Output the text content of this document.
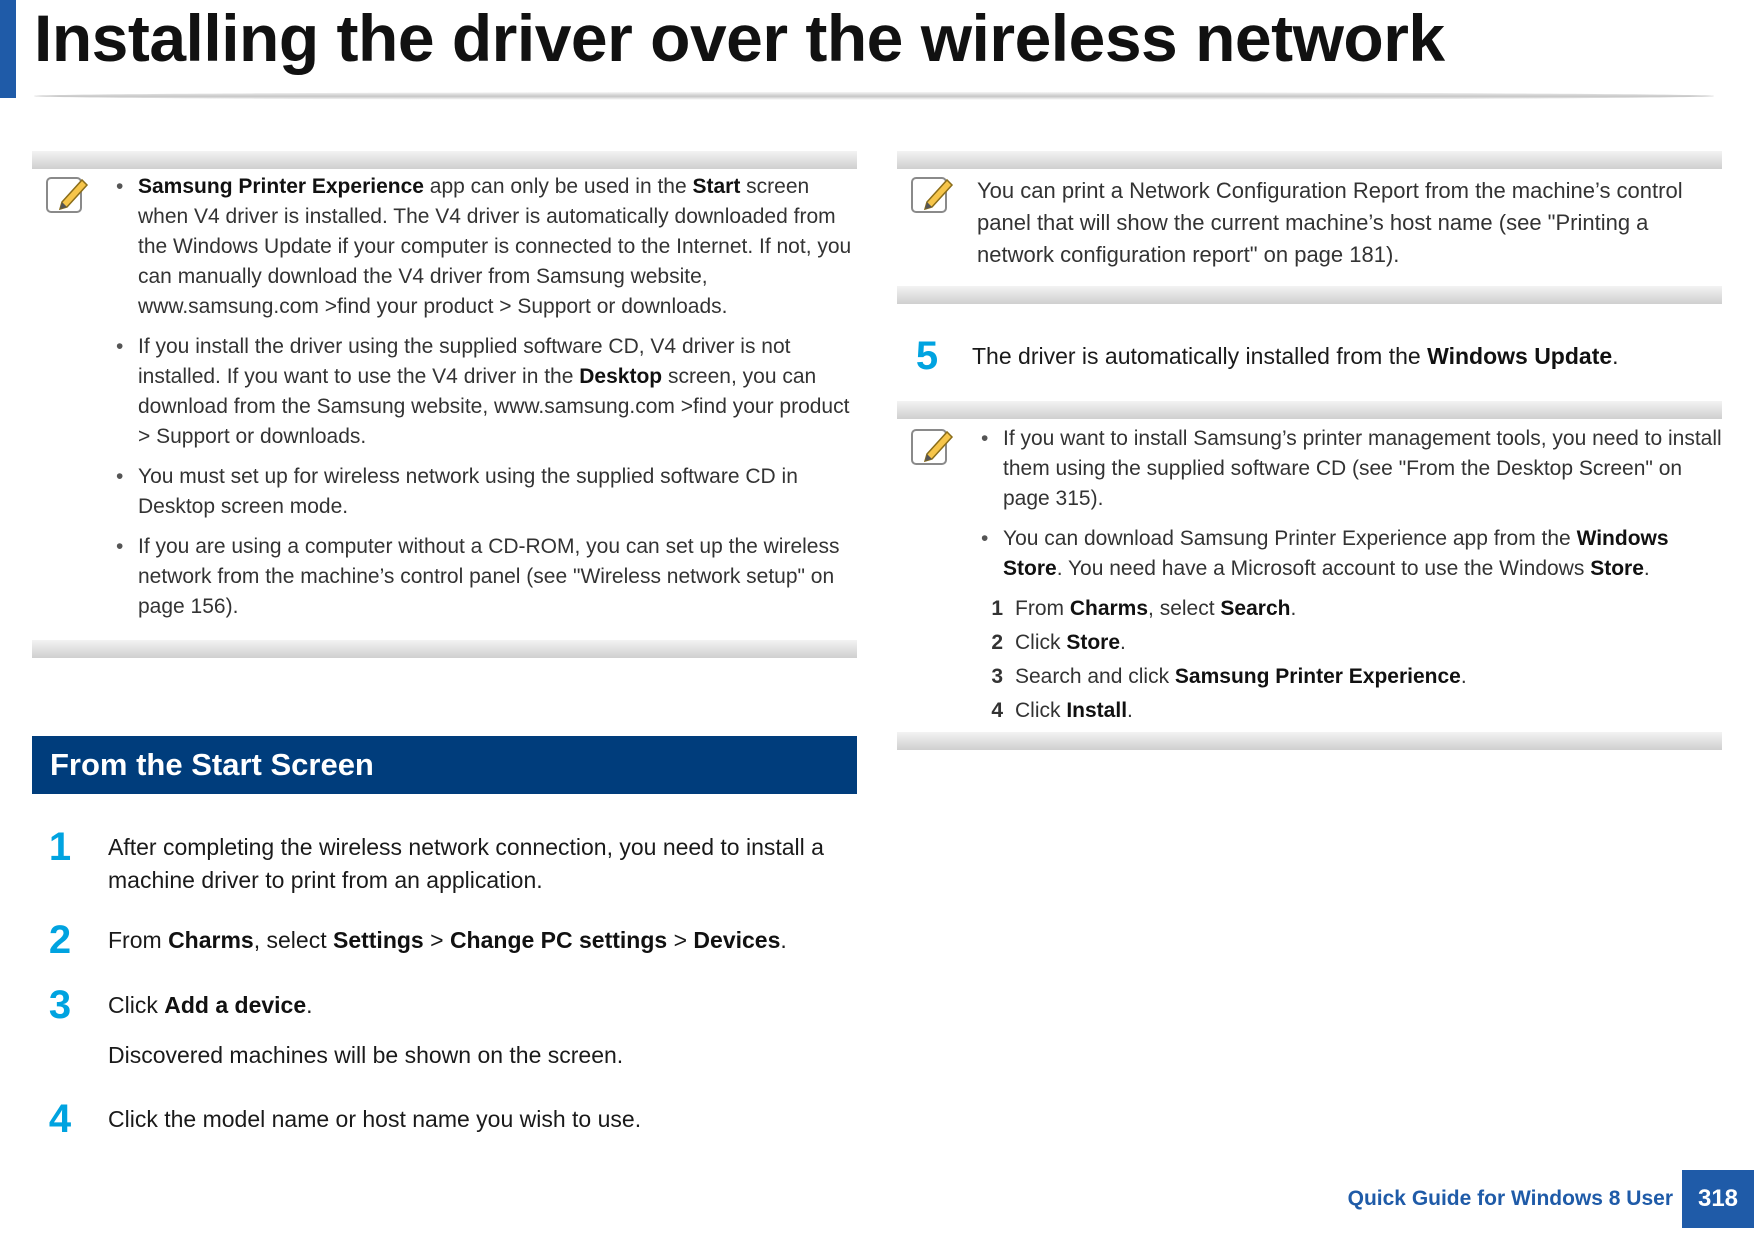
Installing the driver over the wireless network
• Samsung Printer Experience app can only be used in the Start screen when V4 driver is installed. The V4 driver is automatically downloaded from the Windows Update if your computer is connected to the Internet. If not, you can manually download the V4 driver from Samsung website, www.samsung.com >find your product > Support or downloads.
• If you install the driver using the supplied software CD, V4 driver is not installed. If you want to use the V4 driver in the Desktop screen, you can download from the Samsung website, www.samsung.com >find your product > Support or downloads.
• You must set up for wireless network using the supplied software CD in Desktop screen mode.
• If you are using a computer without a CD-ROM, you can set up the wireless network from the machine’s control panel (see "Wireless network setup" on page 156).
From the Start Screen
1	After completing the wireless network connection, you need to install a machine driver to print from an application.
2	From Charms, select Settings > Change PC settings > Devices.
3	Click Add a device.
Discovered machines will be shown on the screen.
4	Click the model name or host name you wish to use.
You can print a Network Configuration Report from the machine’s control panel that will show the current machine’s host name (see "Printing a network configuration report" on page 181).
5	The driver is automatically installed from the Windows Update.
• If you want to install Samsung’s printer management tools, you need to install them using the supplied software CD (see "From the Desktop Screen" on page 315).
• You can download Samsung Printer Experience app from the Windows Store. You need have a Microsoft account to use the Windows Store.
1 From Charms, select Search.
2 Click Store.
3 Search and click Samsung Printer Experience.
4 Click Install.
Quick Guide for Windows 8 User	318
